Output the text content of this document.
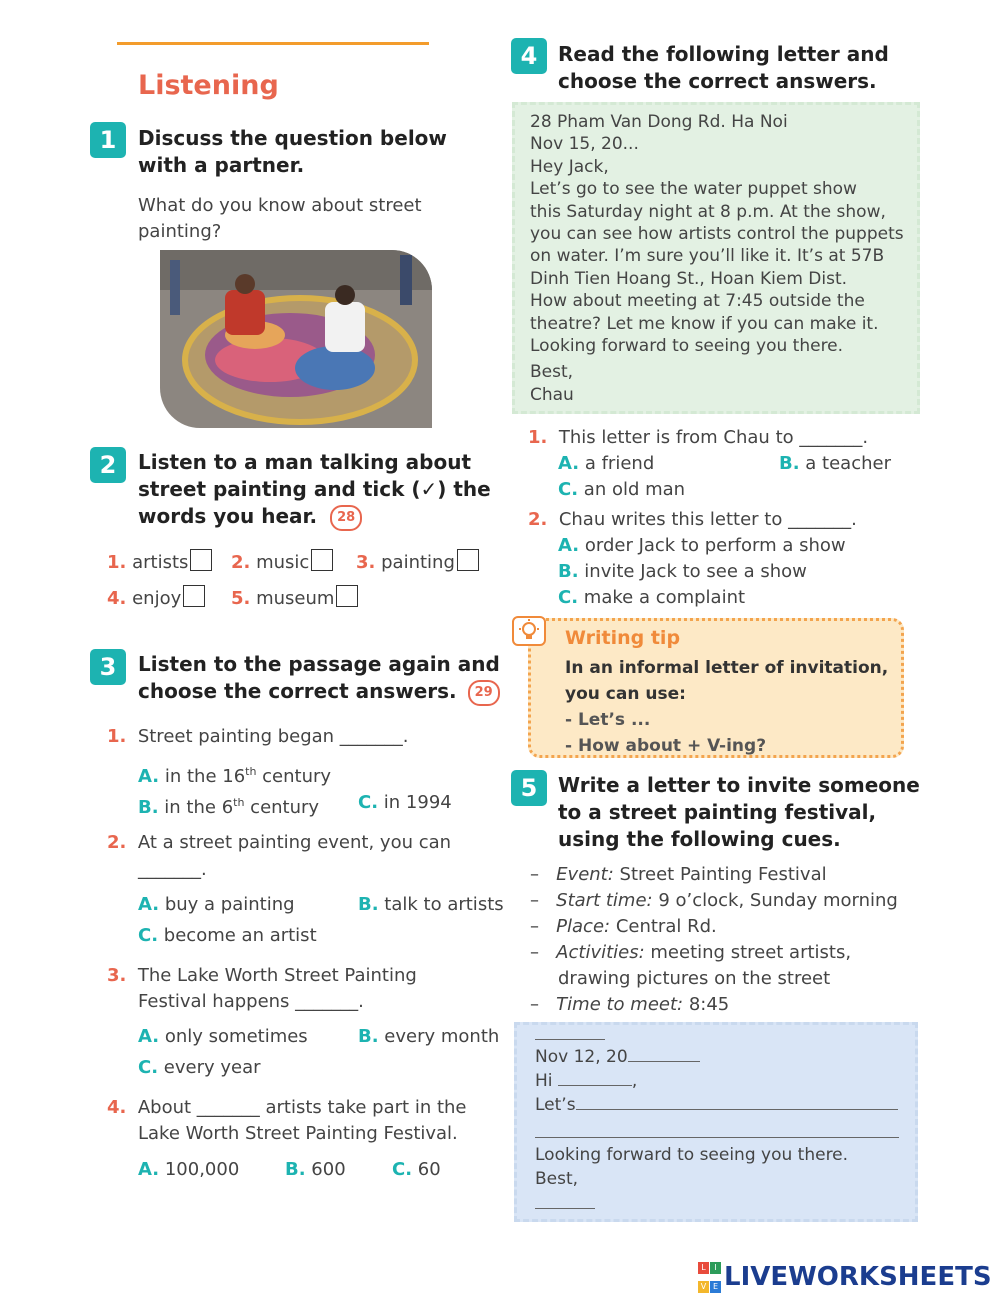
Listening
1	Discuss the question below
with a partner.
What do you know about street
painting?
2	Listen to a man talking about
street painting and tick (✓) the
words you hear. 28
1. artists	2. music	3. painting
4. enjoy	5. museum
3	Listen to the passage again and
choose the correct answers. 29
1. Street painting began _______.
A. in the 16th century
B. in the 6th century C. in 1994
2. At a street painting event, you can
_______.
A. buy a painting	B. talk to artists
C. become an artist
3. The Lake Worth Street Painting
Festival happens _______.
A. only sometimes	B. every month
C. every year
4. About _______ artists take part in the
Lake Worth Street Painting Festival.
A. 100,000	B. 600	C. 60
4	Read the following letter and
choose the correct answers.
28 Pham Van Dong Rd. Ha Noi
Nov 15, 20...
Hey Jack,
Let’s go to see the water puppet show
this Saturday night at 8 p.m. At the show,
you can see how artists control the puppets
on water. I’m sure you’ll like it. It’s at 57B
Dinh Tien Hoang St., Hoan Kiem Dist.
How about meeting at 7:45 outside the
theatre? Let me know if you can make it.
Looking forward to seeing you there.
Best,
Chau
1. This letter is from Chau to _______.
A. a friend	B. a teacher
C. an old man
2. Chau writes this letter to _______.
A. order Jack to perform a show
B. invite Jack to see a show
C. make a complaint
Writing tip
In an informal letter of invitation,
you can use:
- Let’s ...
- How about + V-ing?
5	Write a letter to invite someone
to a street painting festival,
using the following cues.
– Event: Street Painting Festival
– Start time: 9 o’clock, Sunday morning
– Place: Central Rd.
– Activities: meeting street artists,
drawing pictures on the street
– Time to meet: 8:45
Nov 12, 20
Hi	,
Let’s
Looking forward to seeing you there.
Best,
L I
V E LIVEWORKSHEETS
